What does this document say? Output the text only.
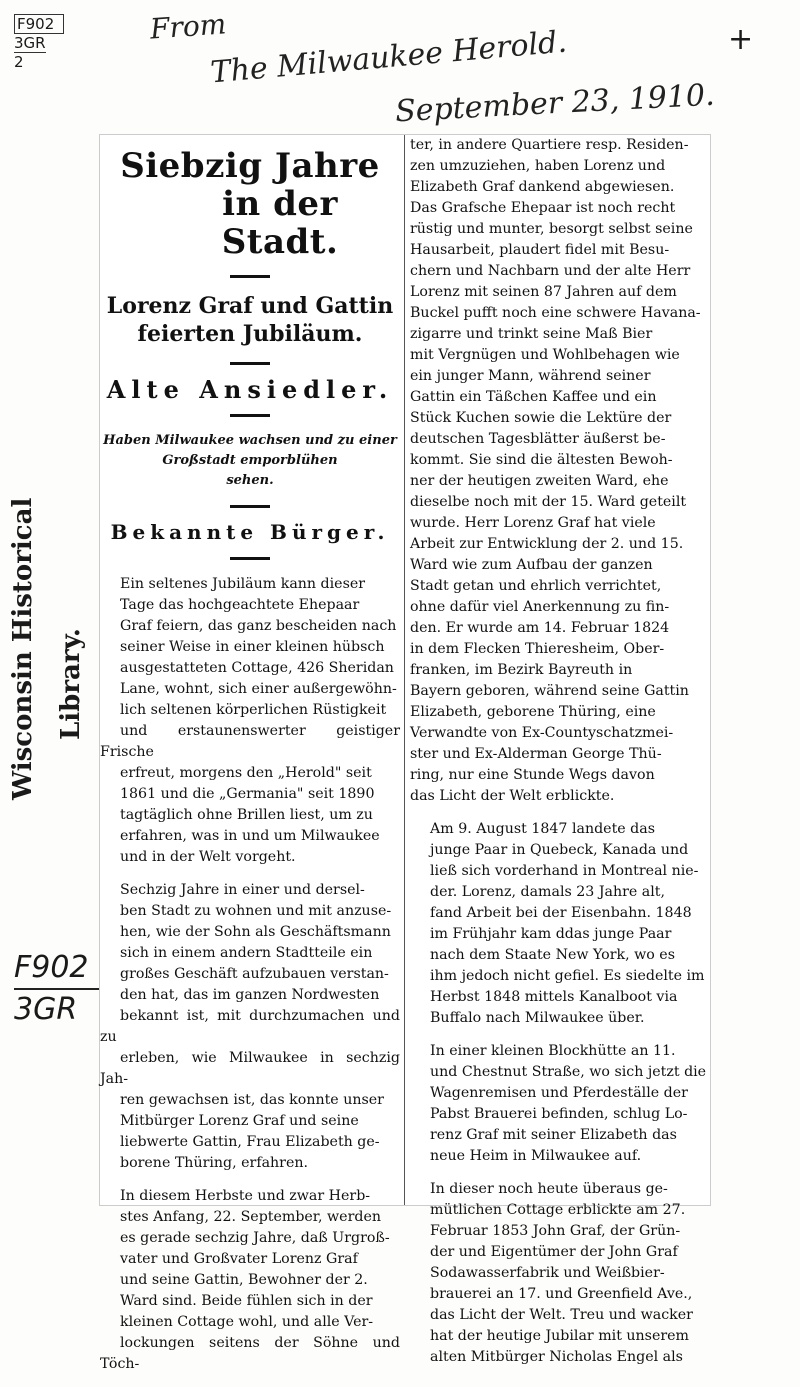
F902
3GR
2
+
From
The Milwaukee Herold.
September 23, 1910.
Wisconsin Historical Library.
F902
3GR
Siebzig Jahre
in der Stadt.
Lorenz Graf und Gattin
feierten Jubiläum.
Alte Ansiedler.
Haben Milwaukee wachsen und zu einer
Großstadt emporblühen
sehen.
Bekannte Bürger.

Ein seltenes Jubiläum kann dieser
Tage das hochgeachtete Ehepaar
Graf feiern, das ganz bescheiden nach
seiner Weise in einer kleinen hübsch
ausgestatteten Cottage, 426 Sheridan
Lane, wohnt, sich einer außergewöhn-
lich seltenen körperlichen Rüstigkeit
und erstaunenswerter geistiger Frische
erfreut, morgens den „Herold" seit
1861 und die „Germania" seit 1890
tagtäglich ohne Brillen liest, um zu
erfahren, was in und um Milwaukee
und in der Welt vorgeht.

Sechzig Jahre in einer und dersel-
ben Stadt zu wohnen und mit anzuse-
hen, wie der Sohn als Geschäftsmann
sich in einem andern Stadtteile ein
großes Geschäft aufzubauen verstan-
den hat, das im ganzen Nordwesten
bekannt ist, mit durchzumachen und zu
erleben, wie Milwaukee in sechzig Jah-
ren gewachsen ist, das konnte unser
Mitbürger Lorenz Graf und seine
liebwerte Gattin, Frau Elizabeth ge-
borene Thüring, erfahren.

In diesem Herbste und zwar Herb-
stes Anfang, 22. September, werden
es gerade sechzig Jahre, daß Urgroß-
vater und Großvater Lorenz Graf
und seine Gattin, Bewohner der 2.
Ward sind. Beide fühlen sich in der
kleinen Cottage wohl, und alle Ver-
lockungen seitens der Söhne und Töch-

ter, in andere Quartiere resp. Residen-
zen umzuziehen, haben Lorenz und
Elizabeth Graf dankend abgewiesen.
Das Grafsche Ehepaar ist noch recht
rüstig und munter, besorgt selbst seine
Hausarbeit, plaudert fidel mit Besu-
chern und Nachbarn und der alte Herr
Lorenz mit seinen 87 Jahren auf dem
Buckel pufft noch eine schwere Havana-
zigarre und trinkt seine Maß Bier
mit Vergnügen und Wohlbehagen wie
ein junger Mann, während seiner
Gattin ein Täßchen Kaffee und ein
Stück Kuchen sowie die Lektüre der
deutschen Tagesblätter äußerst be-
kommt. Sie sind die ältesten Bewoh-
ner der heutigen zweiten Ward, ehe
dieselbe noch mit der 15. Ward geteilt
wurde. Herr Lorenz Graf hat viele
Arbeit zur Entwicklung der 2. und 15.
Ward wie zum Aufbau der ganzen
Stadt getan und ehrlich verrichtet,
ohne dafür viel Anerkennung zu fin-
den. Er wurde am 14. Februar 1824
in dem Flecken Thieresheim, Ober-
franken, im Bezirk Bayreuth in
Bayern geboren, während seine Gattin
Elizabeth, geborene Thüring, eine
Verwandte von Ex-Countyschatzmei-
ster und Ex-Alderman George Thü-
ring, nur eine Stunde Wegs davon
das Licht der Welt erblickte.

Am 9. August 1847 landete das
junge Paar in Quebeck, Kanada und
ließ sich vorderhand in Montreal nie-
der. Lorenz, damals 23 Jahre alt,
fand Arbeit bei der Eisenbahn. 1848
im Frühjahr kam ddas junge Paar
nach dem Staate New York, wo es
ihm jedoch nicht gefiel. Es siedelte im
Herbst 1848 mittels Kanalboot via
Buffalo nach Milwaukee über.

In einer kleinen Blockhütte an 11.
und Chestnut Straße, wo sich jetzt die
Wagenremisen und Pferdeställe der
Pabst Brauerei befinden, schlug Lo-
renz Graf mit seiner Elizabeth das
neue Heim in Milwaukee auf.

In dieser noch heute überaus ge-
mütlichen Cottage erblickte am 27.
Februar 1853 John Graf, der Grün-
der und Eigentümer der John Graf
Sodawasserfabrik und Weißbier-
brauerei an 17. und Greenfield Ave.,
das Licht der Welt. Treu und wacker
hat der heutige Jubilar mit unserem
alten Mitbürger Nicholas Engel als
